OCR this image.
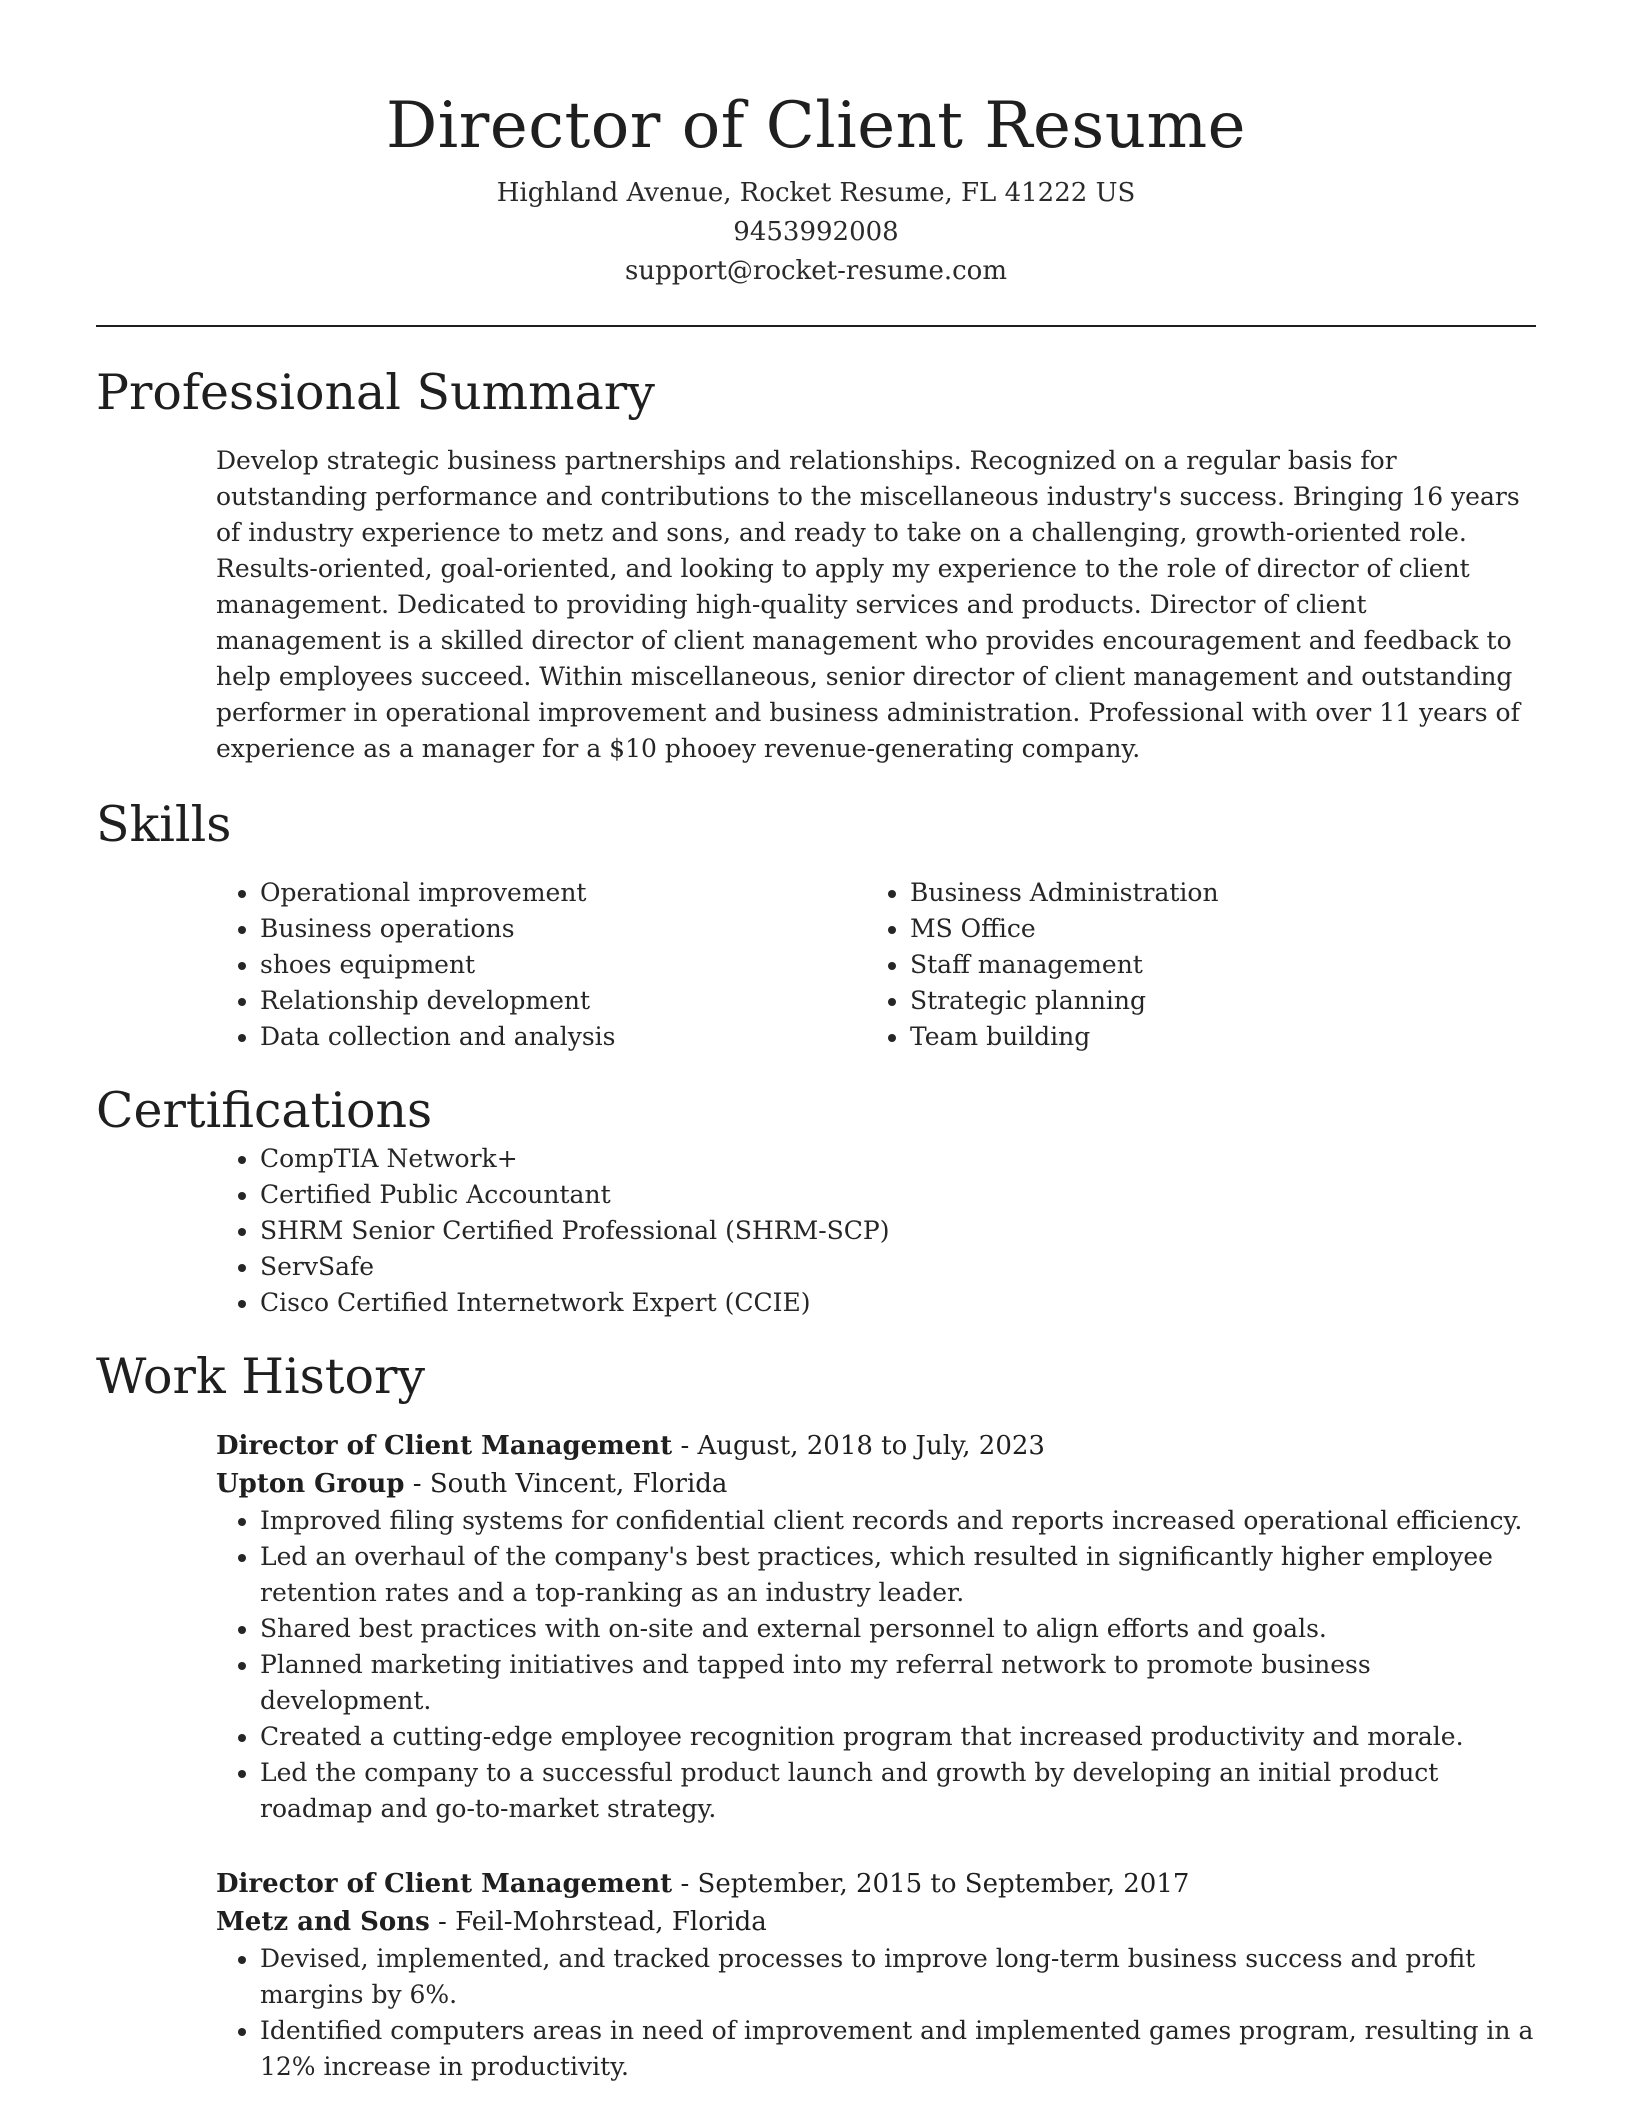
Director of Client Resume
Highland Avenue, Rocket Resume, FL 41222 US
9453992008
support@rocket-resume.com
Professional Summary

Develop strategic business partnerships and relationships. Recognized on a regular basis for outstanding performance and contributions to the miscellaneous industry's success. Bringing 16 years of industry experience to metz and sons, and ready to take on a challenging, growth-oriented role. Results-oriented, goal-oriented, and looking to apply my experience to the role of director of client management. Dedicated to providing high-quality services and products. Director of client management is a skilled director of client management who provides encouragement and feedback to help employees succeed. Within miscellaneous, senior director of client management and outstanding performer in operational improvement and business administration. Professional with over 11 years of experience as a manager for a $10 phooey revenue-generating company.

Skills
• Operational improvement
• Business operations
• shoes equipment
• Relationship development
• Data collection and analysis
• Business Administration
• MS Office
• Staff management
• Strategic planning
• Team building
Certifications
• CompTIA Network+
• Certified Public Accountant
• SHRM Senior Certified Professional (SHRM-SCP)
• ServSafe
• Cisco Certified Internetwork Expert (CCIE)
Work History
Director of Client Management - August, 2018 to July, 2023
Upton Group - South Vincent, Florida
• Improved filing systems for confidential client records and reports increased operational efficiency.
• Led an overhaul of the company's best practices, which resulted in significantly higher employee retention rates and a top-ranking as an industry leader.
• Shared best practices with on-site and external personnel to align efforts and goals.
• Planned marketing initiatives and tapped into my referral network to promote business development.
• Created a cutting-edge employee recognition program that increased productivity and morale.
• Led the company to a successful product launch and growth by developing an initial product roadmap and go-to-market strategy.
Director of Client Management - September, 2015 to September, 2017
Metz and Sons - Feil-Mohrstead, Florida
• Devised, implemented, and tracked processes to improve long-term business success and profit margins by 6%.
• Identified computers areas in need of improvement and implemented games program, resulting in a 12% increase in productivity.
